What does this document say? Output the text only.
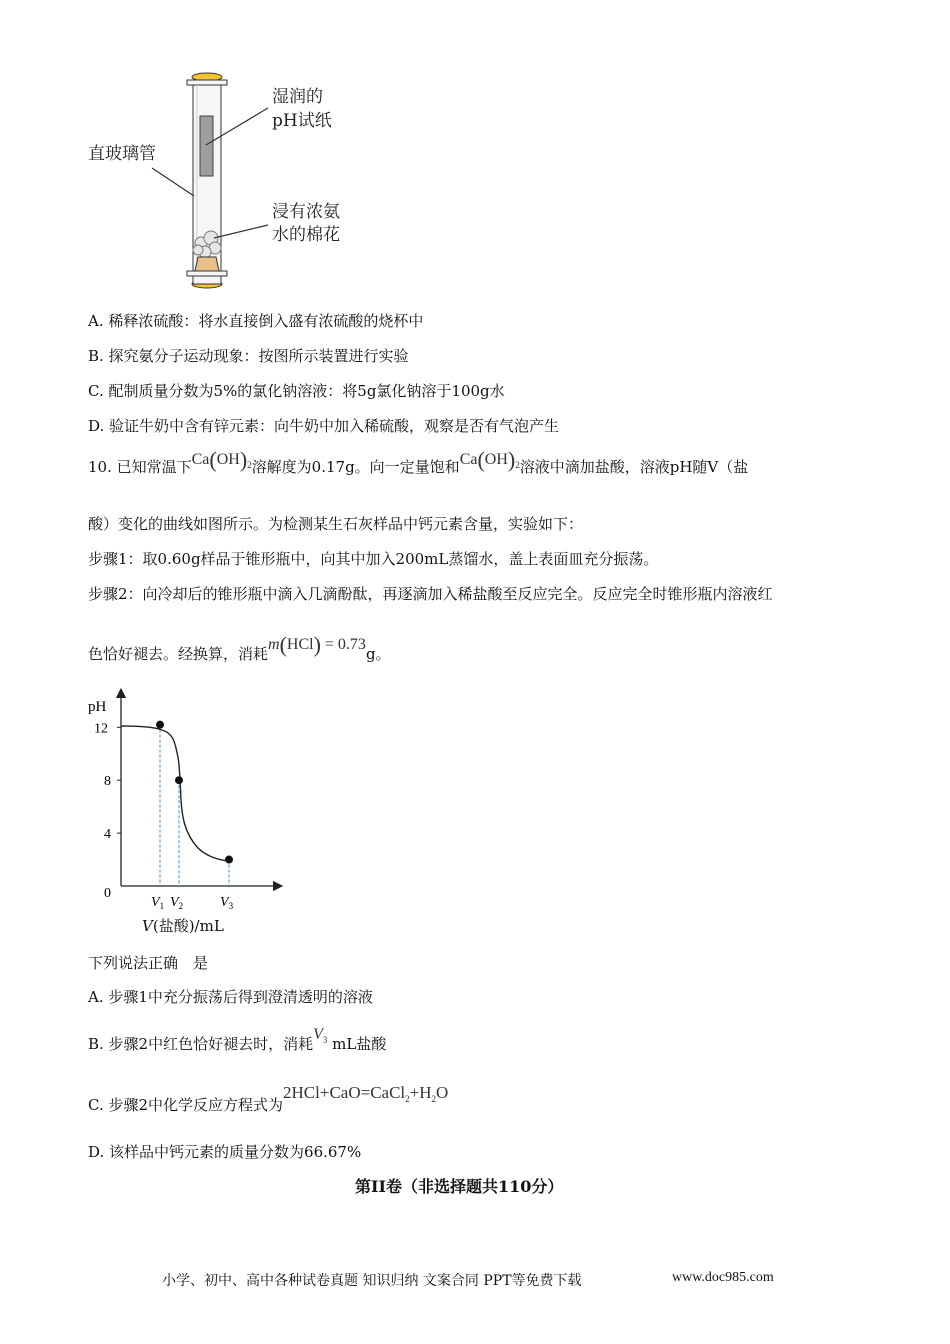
直玻璃管
湿润的
pH试纸
浸有浓氨
水的棉花
A. 稀释浓硫酸：将水直接倒入盛有浓硫酸的烧杯中
B. 探究氨分子运动现象：按图所示装置进行实验
C. 配制质量分数为5%的氯化钠溶液：将5g氯化钠溶于100g水
D. 验证牛奶中含有锌元素：向牛奶中加入稀硫酸，观察是否有气泡产生
10. 已知常温下$Ca(OH)_2$溶解度为0.17g。向一定量饱和$Ca(OH)_2$溶液中滴加盐酸，溶液pH随V（盐
酸）变化的曲线如图所示。为检测某生石灰样品中钙元素含量，实验如下：
步骤1：取0.60g样品于锥形瓶中，向其中加入200mL蒸馏水，盖上表面皿充分振荡。
步骤2：向冷却后的锥形瓶中滴入几滴酚酞，再逐滴加入稀盐酸至反应完全。反应完全时锥形瓶内溶液红
色恰好褪去。经换算，消耗m(HCl) = 0.73g。
pH
12
8
4
0
$V_1$ $V_2$	$V_3$
V(盐酸)/mL
下列说法正确　是
A. 步骤1中充分振荡后得到澄清透明的溶液
B. 步骤2中红色恰好褪去时，消耗$V_3$ mL盐酸
C. 步骤2中化学反应方程式为$2HCl+CaO=CaCl_2+H_2O$
D. 该样品中钙元素的质量分数为66.67%
第II卷（非选择题共110分）
小学、初中、高中各种试卷真题 知识归纳 文案合同 PPT等免费下载	www.doc985.com
